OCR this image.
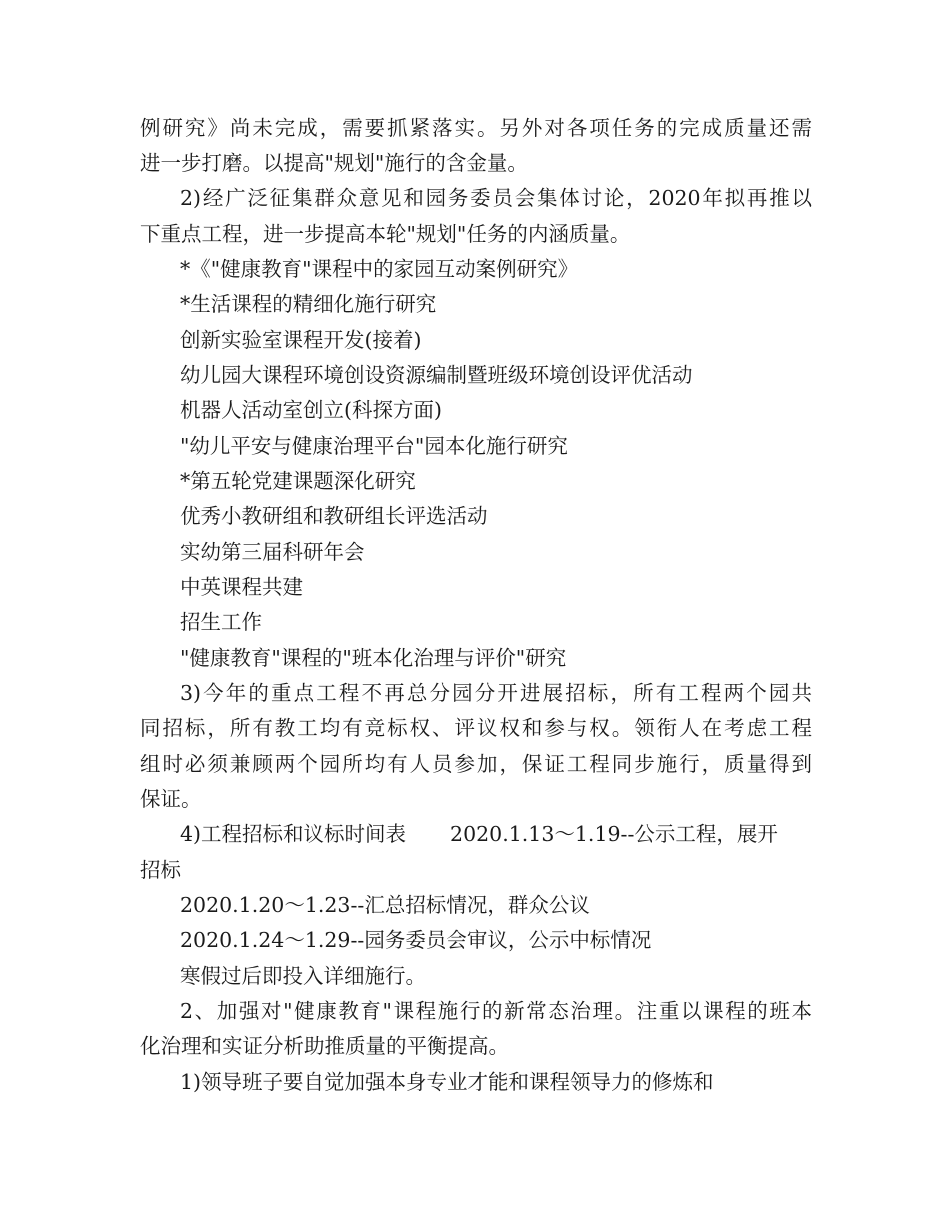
例研究》尚未完成，需要抓紧落实。另外对各项任务的完成质量还需
进一步打磨。以提高"规划"施行的含金量。
2)经广泛征集群众意见和园务委员会集体讨论，2020年拟再推以
下重点工程，进一步提高本轮"规划"任务的内涵质量。
*《"健康教育"课程中的家园互动案例研究》
*生活课程的精细化施行研究
创新实验室课程开发(接着)
幼儿园大课程环境创设资源编制暨班级环境创设评优活动
机器人活动室创立(科探方面)
"幼儿平安与健康治理平台"园本化施行研究
*第五轮党建课题深化研究
优秀小教研组和教研组长评选活动
实幼第三届科研年会
中英课程共建
招生工作
"健康教育"课程的"班本化治理与评价"研究
3)今年的重点工程不再总分园分开进展招标，所有工程两个园共
同招标，所有教工均有竞标权、评议权和参与权。领衔人在考虑工程
组时必须兼顾两个园所均有人员参加，保证工程同步施行，质量得到
保证。
4)工程招标和议标时间表 2020.1.13～1.19--公示工程，展开
招标
2020.1.20～1.23--汇总招标情况，群众公议
2020.1.24～1.29--园务委员会审议，公示中标情况
寒假过后即投入详细施行。
2、加强对"健康教育"课程施行的新常态治理。注重以课程的班本
化治理和实证分析助推质量的平衡提高。
1)领导班子要自觉加强本身专业才能和课程领导力的修炼和
